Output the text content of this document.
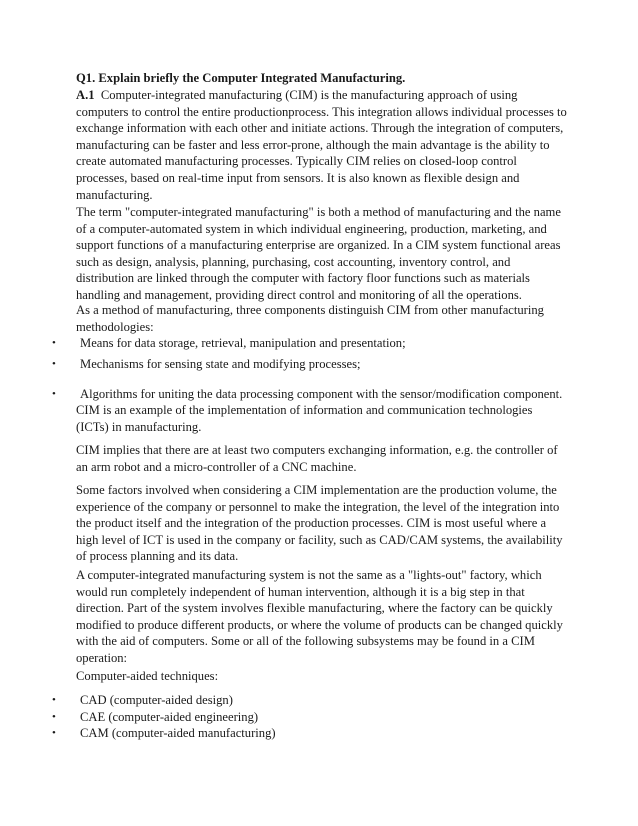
Q1. Explain briefly the Computer Integrated Manufacturing.

A.1 Computer-integrated manufacturing (CIM) is the manufacturing approach of using computers to control the entire productionprocess. This integration allows individual processes to exchange information with each other and initiate actions. Through the integration of computers, manufacturing can be faster and less error-prone, although the main advantage is the ability to create automated manufacturing processes. Typically CIM relies on closed-loop control processes, based on real-time input from sensors. It is also known as flexible design and manufacturing.

The term "computer-integrated manufacturing" is both a method of manufacturing and the name of a computer-automated system in which individual engineering, production, marketing, and support functions of a manufacturing enterprise are organized. In a CIM system functional areas such as design, analysis, planning, purchasing, cost accounting, inventory control, and distribution are linked through the computer with factory floor functions such as materials handling and management, providing direct control and monitoring of all the operations.

As a method of manufacturing, three components distinguish CIM from other manufacturing methodologies:

• Means for data storage, retrieval, manipulation and presentation;

• Mechanisms for sensing state and modifying processes;

• Algorithms for uniting the data processing component with the sensor/modification component.

CIM is an example of the implementation of information and communication technologies (ICTs) in manufacturing.

CIM implies that there are at least two computers exchanging information, e.g. the controller of an arm robot and a micro-controller of a CNC machine.

Some factors involved when considering a CIM implementation are the production volume, the experience of the company or personnel to make the integration, the level of the integration into the product itself and the integration of the production processes. CIM is most useful where a high level of ICT is used in the company or facility, such as CAD/CAM systems, the availability of process planning and its data.

A computer-integrated manufacturing system is not the same as a "lights-out" factory, which would run completely independent of human intervention, although it is a big step in that direction. Part of the system involves flexible manufacturing, where the factory can be quickly modified to produce different products, or where the volume of products can be changed quickly with the aid of computers. Some or all of the following subsystems may be found in a CIM operation:

Computer-aided techniques:

• CAD (computer-aided design)

• CAE (computer-aided engineering)

• CAM (computer-aided manufacturing)
